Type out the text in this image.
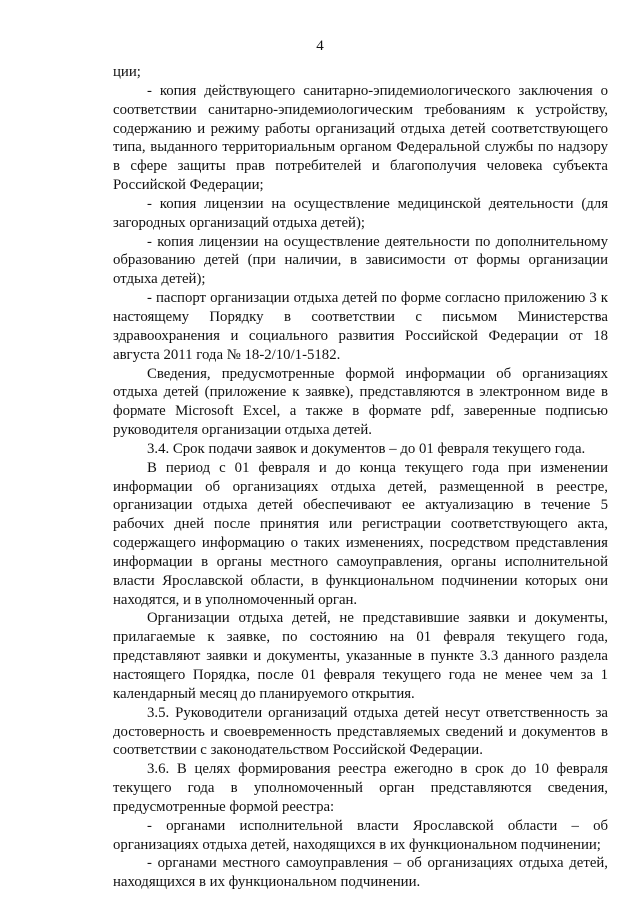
4

ции;

- копия действующего санитарно-эпидемиологического заключения о соответствии санитарно-эпидемиологическим требованиям к устройству, содержанию и режиму работы организаций отдыха детей соответствующего типа, выданного территориальным органом Федеральной службы по надзору в сфере защиты прав потребителей и благополучия человека субъекта Российской Федерации;

- копия лицензии на осуществление медицинской деятельности (для загородных организаций отдыха детей);

- копия лицензии на осуществление деятельности по дополнительному образованию детей (при наличии, в зависимости от формы организации отдыха детей);

- паспорт организации отдыха детей по форме согласно приложению 3 к настоящему Порядку в соответствии с письмом Министерства здравоохранения и социального развития Российской Федерации от 18 августа 2011 года № 18-2/10/1-5182.

Сведения, предусмотренные формой информации об организациях отдыха детей (приложение к заявке), представляются в электронном виде в формате Microsoft Excel, а также в формате pdf, заверенные подписью руководителя организации отдыха детей.

3.4. Срок подачи заявок и документов – до 01 февраля текущего года.

В период с 01 февраля и до конца текущего года при изменении информации об организациях отдыха детей, размещенной в реестре, организации отдыха детей обеспечивают ее актуализацию в течение 5 рабочих дней после принятия или регистрации соответствующего акта, содержащего информацию о таких изменениях, посредством представления информации в органы местного самоуправления, органы исполнительной власти Ярославской области, в функциональном подчинении которых они находятся, и в уполномоченный орган.

Организации отдыха детей, не представившие заявки и документы, прилагаемые к заявке, по состоянию на 01 февраля текущего года, представляют заявки и документы, указанные в пункте 3.3 данного раздела настоящего Порядка, после 01 февраля текущего года не менее чем за 1 календарный месяц до планируемого открытия.

3.5. Руководители организаций отдыха детей несут ответственность за достоверность и своевременность представляемых сведений и документов в соответствии с законодательством Российской Федерации.

3.6. В целях формирования реестра ежегодно в срок до 10 февраля текущего года в уполномоченный орган представляются сведения, предусмотренные формой реестра:

- органами исполнительной власти Ярославской области – об организациях отдыха детей, находящихся в их функциональном подчинении;

- органами местного самоуправления – об организациях отдыха детей, находящихся в их функциональном подчинении.
